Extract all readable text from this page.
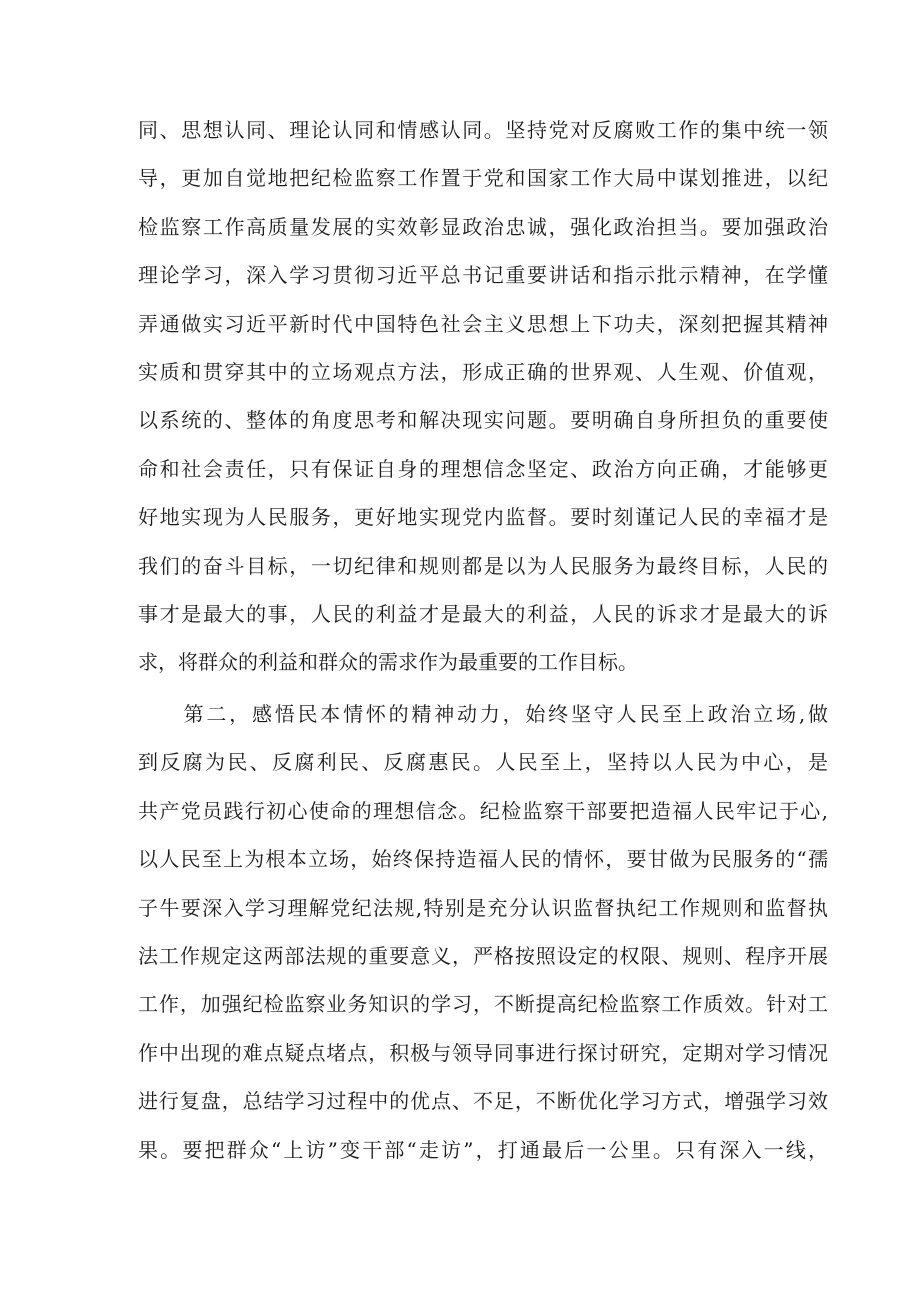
同、思想认同、理论认同和情感认同。坚持党对反腐败工作的集中统一领
导，更加自觉地把纪检监察工作置于党和国家工作大局中谋划推进，以纪
检监察工作高质量发展的实效彰显政治忠诚，强化政治担当。要加强政治
理论学习，深入学习贯彻习近平总书记重要讲话和指示批示精神，在学懂
弄通做实习近平新时代中国特色社会主义思想上下功夫，深刻把握其精神
实质和贯穿其中的立场观点方法，形成正确的世界观、人生观、价值观，
以系统的、整体的角度思考和解决现实问题。要明确自身所担负的重要使
命和社会责任，只有保证自身的理想信念坚定、政治方向正确，才能够更
好地实现为人民服务，更好地实现党内监督。要时刻谨记人民的幸福才是
我们的奋斗目标，一切纪律和规则都是以为人民服务为最终目标，人民的
事才是最大的事，人民的利益才是最大的利益，人民的诉求才是最大的诉
求，将群众的利益和群众的需求作为最重要的工作目标。
　　第二，感悟民本情怀的精神动力，始终坚守人民至上政治立场,做
到反腐为民、反腐利民、反腐惠民。人民至上，坚持以人民为中心，是
共产党员践行初心使命的理想信念。纪检监察干部要把造福人民牢记于心,
以人民至上为根本立场，始终保持造福人民的情怀，要甘做为民服务的“孺
子牛要深入学习理解党纪法规,特别是充分认识监督执纪工作规则和监督执
法工作规定这两部法规的重要意义，严格按照设定的权限、规则、程序开展
工作，加强纪检监察业务知识的学习，不断提高纪检监察工作质效。针对工
作中出现的难点疑点堵点，积极与领导同事进行探讨研究，定期对学习情况
进行复盘，总结学习过程中的优点、不足，不断优化学习方式，增强学习效
果。要把群众“上访”变干部“走访”，打通最后一公里。只有深入一线，
